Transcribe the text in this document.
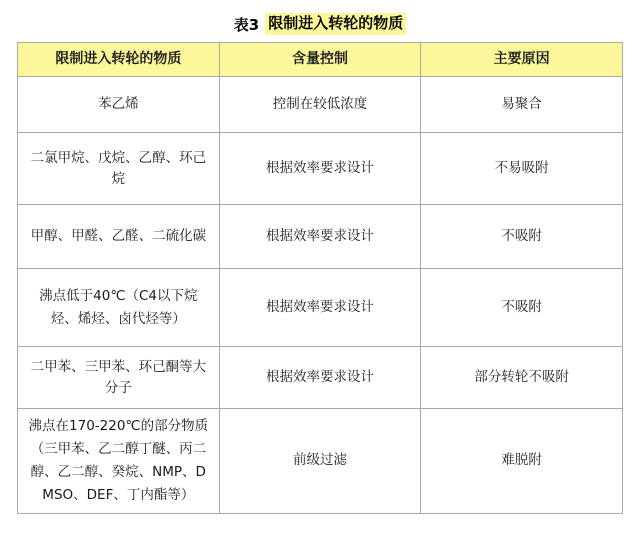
表3 限制进入转轮的物质
限制进入转轮的物质	含量控制	主要原因
苯乙烯	控制在较低浓度	易聚合
二氯甲烷、戊烷、乙醇、环己烷	根据效率要求设计	不易吸附
甲醇、甲醛、乙醛、二硫化碳	根据效率要求设计	不吸附

沸点低于40℃（C4以下烷烃、烯烃、卤代烃等）	根据效率要求设计	不吸附
二甲苯、三甲苯、环己酮等大分子	根据效率要求设计	部分转轮不吸附

沸点在170-220℃的部分物质（三甲苯、乙二醇丁醚、丙二醇、乙二醇、癸烷、NMP、DMSO、DEF、丁内酯等）	前级过滤	难脱附
